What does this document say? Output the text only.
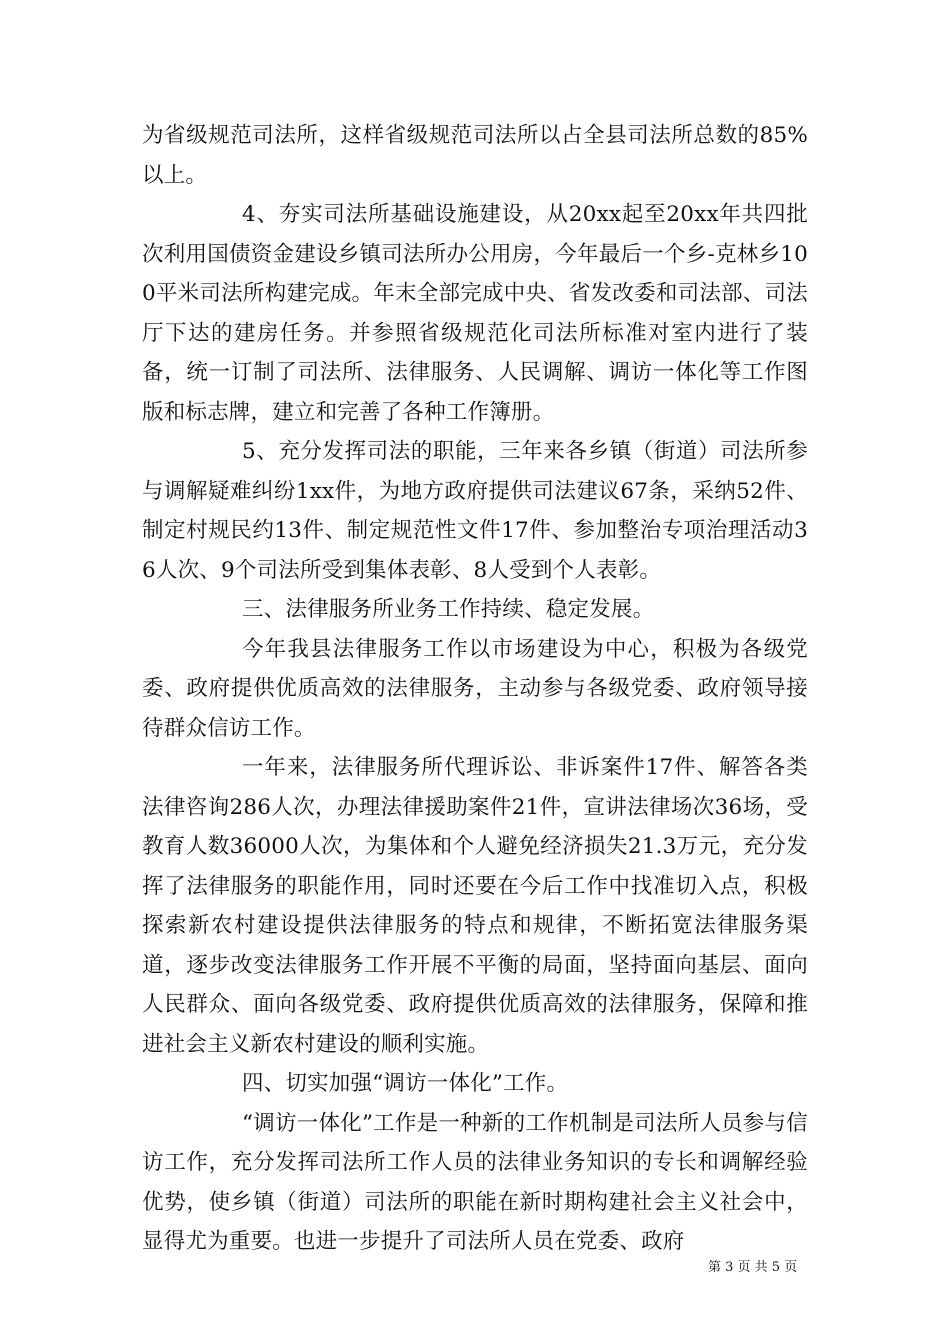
为省级规范司法所，这样省级规范司法所以占全县司法所总数的85%以上。

4、夯实司法所基础设施建设，从20xx起至20xx年共四批次利用国债资金建设乡镇司法所办公用房，今年最后一个乡-克林乡100平米司法所构建完成。年末全部完成中央、省发改委和司法部、司法厅下达的建房任务。并参照省级规范化司法所标准对室内进行了装备，统一订制了司法所、法律服务、人民调解、调访一体化等工作图版和标志牌，建立和完善了各种工作簿册。

5、充分发挥司法的职能，三年来各乡镇（街道）司法所参与调解疑难纠纷1xx件，为地方政府提供司法建议67条，采纳52件、制定村规民约13件、制定规范性文件17件、参加整治专项治理活动36人次、9个司法所受到集体表彰、8人受到个人表彰。

三、法律服务所业务工作持续、稳定发展。

今年我县法律服务工作以市场建设为中心，积极为各级党委、政府提供优质高效的法律服务，主动参与各级党委、政府领导接待群众信访工作。

一年来，法律服务所代理诉讼、非诉案件17件、解答各类法律咨询286人次，办理法律援助案件21件，宣讲法律场次36场，受教育人数36000人次，为集体和个人避免经济损失21.3万元，充分发挥了法律服务的职能作用，同时还要在今后工作中找准切入点，积极探索新农村建设提供法律服务的特点和规律，不断拓宽法律服务渠道，逐步改变法律服务工作开展不平衡的局面，坚持面向基层、面向人民群众、面向各级党委、政府提供优质高效的法律服务，保障和推进社会主义新农村建设的顺利实施。

四、切实加强“调访一体化”工作。

“调访一体化”工作是一种新的工作机制是司法所人员参与信访工作，充分发挥司法所工作人员的法律业务知识的专长和调解经验优势，使乡镇（街道）司法所的职能在新时期构建社会主义社会中，显得尤为重要。也进一步提升了司法所人员在党委、政府

第 3 页 共 5 页
